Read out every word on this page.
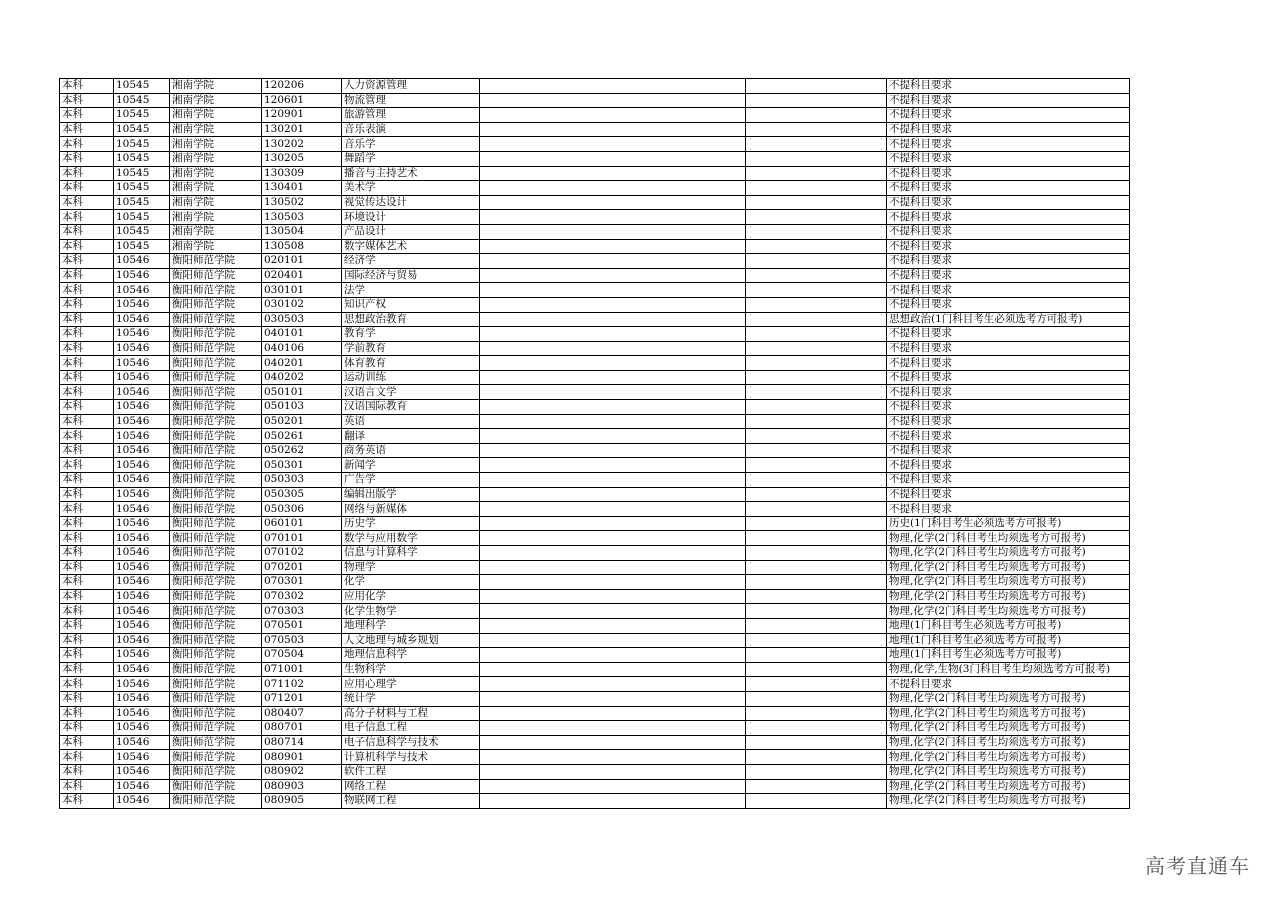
本科	10545	湘南学院	120206	人力资源管理			不提科目要求
本科	10545	湘南学院	120601	物流管理			不提科目要求
本科	10545	湘南学院	120901	旅游管理			不提科目要求
本科	10545	湘南学院	130201	音乐表演			不提科目要求
本科	10545	湘南学院	130202	音乐学			不提科目要求
本科	10545	湘南学院	130205	舞蹈学			不提科目要求
本科	10545	湘南学院	130309	播音与主持艺术			不提科目要求
本科	10545	湘南学院	130401	美术学			不提科目要求
本科	10545	湘南学院	130502	视觉传达设计			不提科目要求
本科	10545	湘南学院	130503	环境设计			不提科目要求
本科	10545	湘南学院	130504	产品设计			不提科目要求
本科	10545	湘南学院	130508	数字媒体艺术			不提科目要求
本科	10546	衡阳师范学院	020101	经济学			不提科目要求
本科	10546	衡阳师范学院	020401	国际经济与贸易			不提科目要求
本科	10546	衡阳师范学院	030101	法学			不提科目要求
本科	10546	衡阳师范学院	030102	知识产权			不提科目要求
本科	10546	衡阳师范学院	030503	思想政治教育			思想政治(1门科目考生必须选考方可报考)
本科	10546	衡阳师范学院	040101	教育学			不提科目要求
本科	10546	衡阳师范学院	040106	学前教育			不提科目要求
本科	10546	衡阳师范学院	040201	体育教育			不提科目要求
本科	10546	衡阳师范学院	040202	运动训练			不提科目要求
本科	10546	衡阳师范学院	050101	汉语言文学			不提科目要求
本科	10546	衡阳师范学院	050103	汉语国际教育			不提科目要求
本科	10546	衡阳师范学院	050201	英语			不提科目要求
本科	10546	衡阳师范学院	050261	翻译			不提科目要求
本科	10546	衡阳师范学院	050262	商务英语			不提科目要求
本科	10546	衡阳师范学院	050301	新闻学			不提科目要求
本科	10546	衡阳师范学院	050303	广告学			不提科目要求
本科	10546	衡阳师范学院	050305	编辑出版学			不提科目要求
本科	10546	衡阳师范学院	050306	网络与新媒体			不提科目要求
本科	10546	衡阳师范学院	060101	历史学			历史(1门科目考生必须选考方可报考)
本科	10546	衡阳师范学院	070101	数学与应用数学			物理,化学(2门科目考生均须选考方可报考)
本科	10546	衡阳师范学院	070102	信息与计算科学			物理,化学(2门科目考生均须选考方可报考)
本科	10546	衡阳师范学院	070201	物理学			物理,化学(2门科目考生均须选考方可报考)
本科	10546	衡阳师范学院	070301	化学			物理,化学(2门科目考生均须选考方可报考)
本科	10546	衡阳师范学院	070302	应用化学			物理,化学(2门科目考生均须选考方可报考)
本科	10546	衡阳师范学院	070303	化学生物学			物理,化学(2门科目考生均须选考方可报考)
本科	10546	衡阳师范学院	070501	地理科学			地理(1门科目考生必须选考方可报考)
本科	10546	衡阳师范学院	070503	人文地理与城乡规划			地理(1门科目考生必须选考方可报考)
本科	10546	衡阳师范学院	070504	地理信息科学			地理(1门科目考生必须选考方可报考)
本科	10546	衡阳师范学院	071001	生物科学			物理,化学,生物(3门科目考生均须选考方可报考)
本科	10546	衡阳师范学院	071102	应用心理学			不提科目要求
本科	10546	衡阳师范学院	071201	统计学			物理,化学(2门科目考生均须选考方可报考)
本科	10546	衡阳师范学院	080407	高分子材料与工程			物理,化学(2门科目考生均须选考方可报考)
本科	10546	衡阳师范学院	080701	电子信息工程			物理,化学(2门科目考生均须选考方可报考)
本科	10546	衡阳师范学院	080714	电子信息科学与技术			物理,化学(2门科目考生均须选考方可报考)
本科	10546	衡阳师范学院	080901	计算机科学与技术			物理,化学(2门科目考生均须选考方可报考)
本科	10546	衡阳师范学院	080902	软件工程			物理,化学(2门科目考生均须选考方可报考)
本科	10546	衡阳师范学院	080903	网络工程			物理,化学(2门科目考生均须选考方可报考)
本科	10546	衡阳师范学院	080905	物联网工程			物理,化学(2门科目考生均须选考方可报考)
高考直通车
